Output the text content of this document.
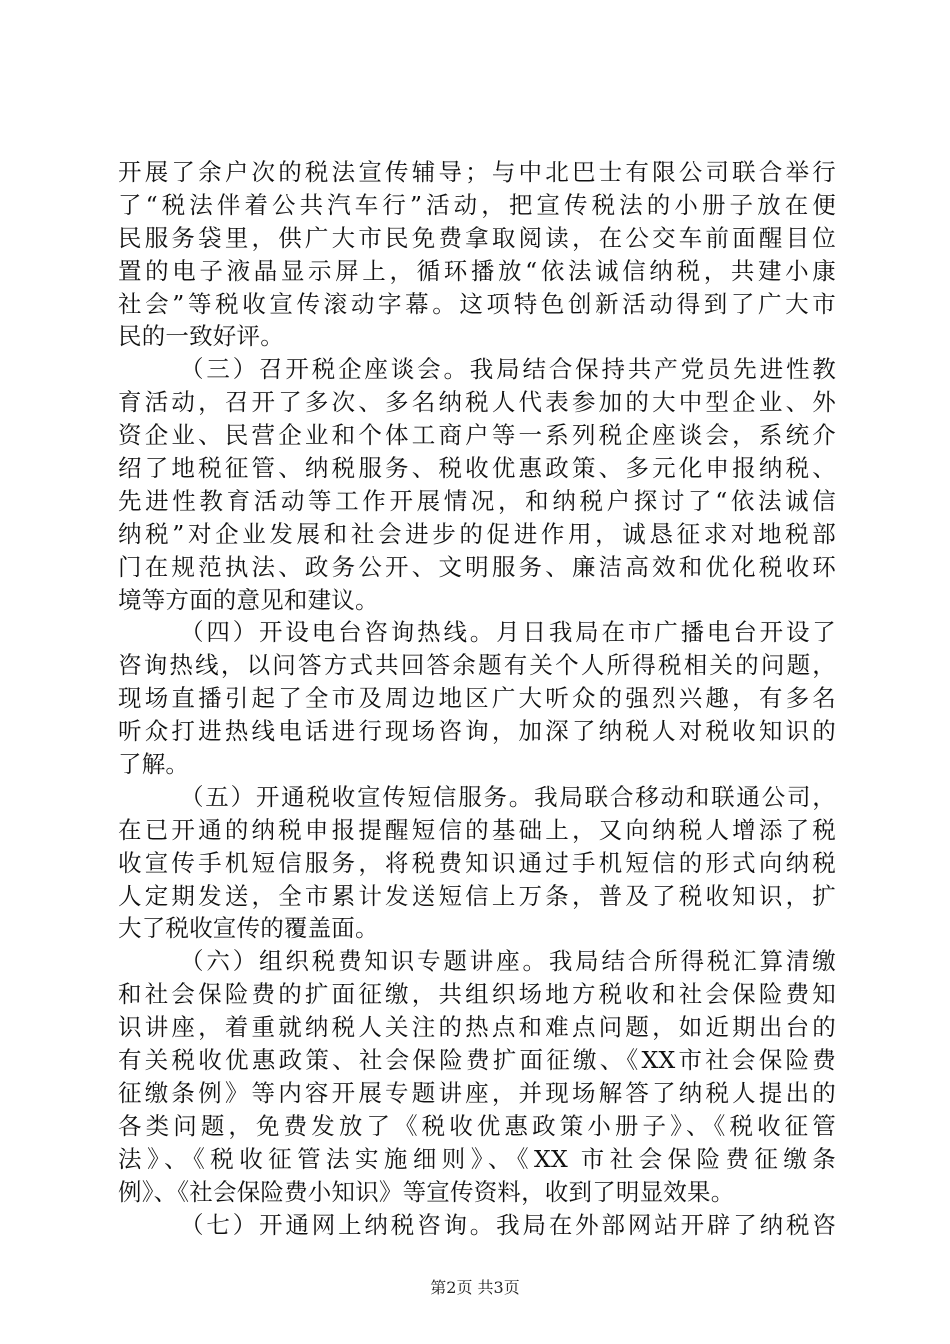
开展了余户次的税法宣传辅导；与中北巴士有限公司联合举行
了“税法伴着公共汽车行”活动，把宣传税法的小册子放在便
民服务袋里，供广大市民免费拿取阅读，在公交车前面醒目位
置的电子液晶显示屏上，循环播放“依法诚信纳税，共建小康
社会”等税收宣传滚动字幕。这项特色创新活动得到了广大市
民的一致好评。
（三）召开税企座谈会。我局结合保持共产党员先进性教
育活动，召开了多次、多名纳税人代表参加的大中型企业、外
资企业、民营企业和个体工商户等一系列税企座谈会，系统介
绍了地税征管、纳税服务、税收优惠政策、多元化申报纳税、
先进性教育活动等工作开展情况，和纳税户探讨了“依法诚信
纳税”对企业发展和社会进步的促进作用，诚恳征求对地税部
门在规范执法、政务公开、文明服务、廉洁高效和优化税收环
境等方面的意见和建议。
（四）开设电台咨询热线。月日我局在市广播电台开设了
咨询热线，以问答方式共回答余题有关个人所得税相关的问题，
现场直播引起了全市及周边地区广大听众的强烈兴趣，有多名
听众打进热线电话进行现场咨询，加深了纳税人对税收知识的
了解。
（五）开通税收宣传短信服务。我局联合移动和联通公司，
在已开通的纳税申报提醒短信的基础上，又向纳税人增添了税
收宣传手机短信服务，将税费知识通过手机短信的形式向纳税
人定期发送，全市累计发送短信上万条，普及了税收知识，扩
大了税收宣传的覆盖面。
（六）组织税费知识专题讲座。我局结合所得税汇算清缴
和社会保险费的扩面征缴，共组织场地方税收和社会保险费知
识讲座，着重就纳税人关注的热点和难点问题，如近期出台的
有关税收优惠政策、社会保险费扩面征缴、《XX市社会保险费
征缴条例》等内容开展专题讲座，并现场解答了纳税人提出的
各类问题，免费发放了《税收优惠政策小册子》、《税收征管
法》、《税收征管法实施细则》、《XX 市社会保险费征缴条
例》、《社会保险费小知识》等宣传资料，收到了明显效果。
（七）开通网上纳税咨询。我局在外部网站开辟了纳税咨
第2页 共3页
